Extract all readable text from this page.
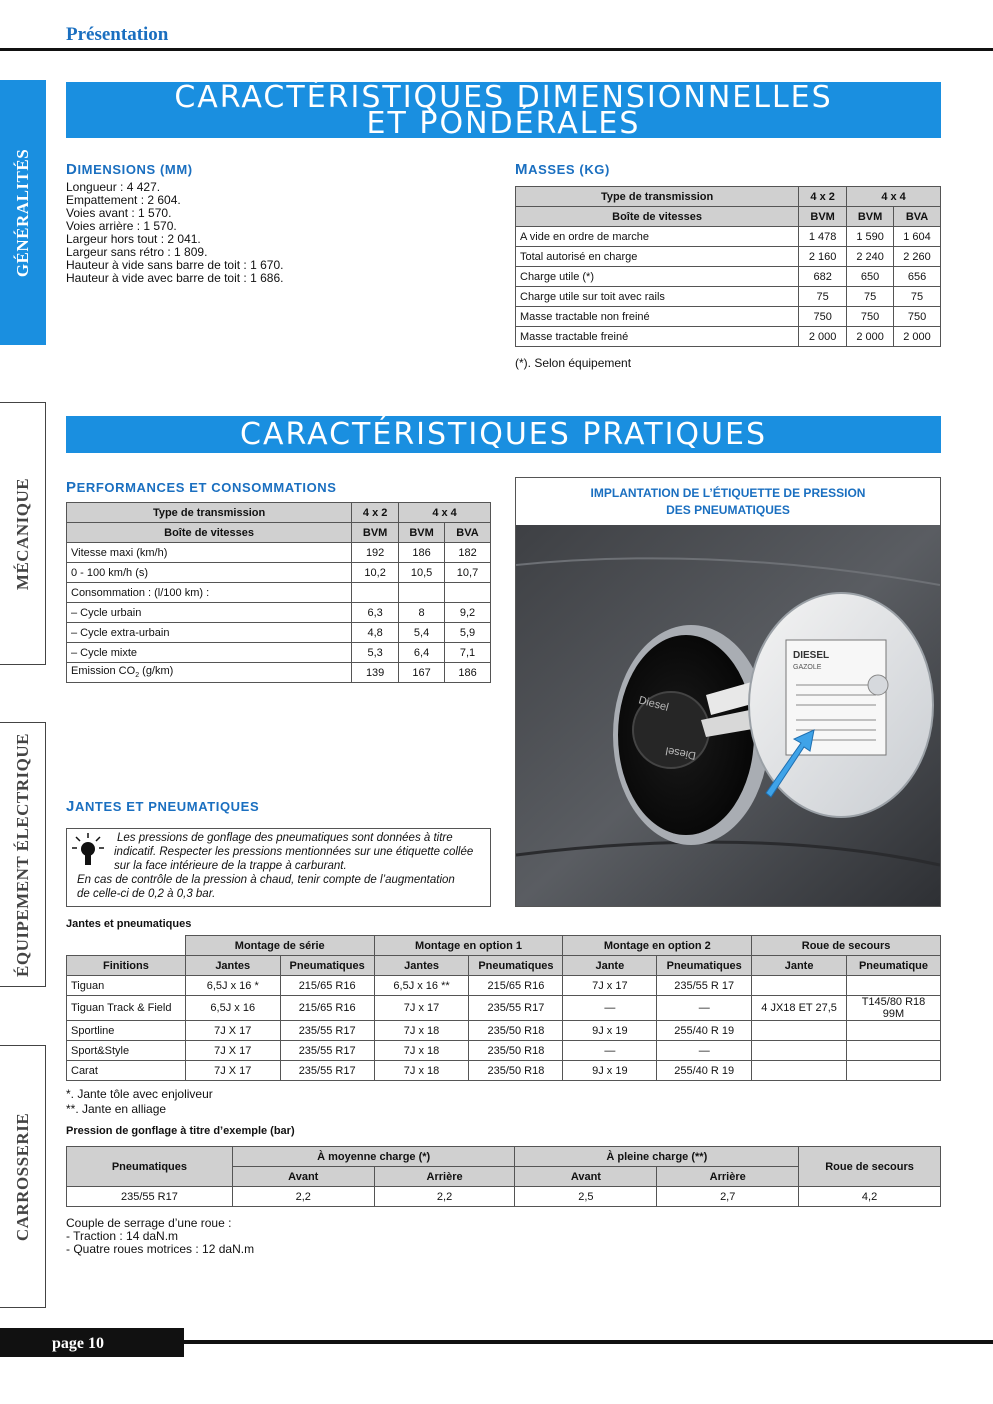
Présentation
GÉNÉRALITÉS
MÉCANIQUE
ÉQUIPEMENT ÉLECTRIQUE
CARROSSERIE
CARACTÉRISTIQUES DIMENSIONNELLES
ET PONDÉRALES
DIMENSIONS (MM)
Longueur : 4 427.
Empattement : 2 604.
Voies avant : 1 570.
Voies arrière : 1 570.
Largeur hors tout : 2 041.
Largeur sans rétro : 1 809.
Hauteur à vide sans barre de toit : 1 670.
Hauteur à vide avec barre de toit : 1 686.
MASSES (KG)
Type de transmission	4 x 2	4 x 4	
Boîte de vitesses	BVM	BVM	BVA
A vide en ordre de marche	1 478	1 590	1 604
Total autorisé en charge	2 160	2 240	2 260
Charge utile (*)	682	650	656
Charge utile sur toit avec rails	75	75	75
Masse tractable non freiné	750	750	750
Masse tractable freiné	2 000	2 000	2 000
(*). Selon équipement
CARACTÉRISTIQUES PRATIQUES
PERFORMANCES ET CONSOMMATIONS
Type de transmission	4 x 2	4 x 4	
Boîte de vitesses	BVM	BVM	BVA
Vitesse maxi (km/h)	192	186	182
0 - 100 km/h (s)	10,2	10,5	10,7
Consommation : (l/100 km) :			
– Cycle urbain	6,3	8	9,2
– Cycle extra-urbain	4,8	5,4	5,9
– Cycle mixte	5,3	6,4	7,1
Emission $CO_2$ (g/km)	139	167	186
IMPLANTATION DE L’ÉTIQUETTE DE PRESSION
DES PNEUMATIQUES
Diesel
Diesel
DIESEL
GAZOLE
JANTES ET PNEUMATIQUES
Les pressions de gonflage des pneumatiques sont données à titre
indicatif. Respecter les pressions mentionnées sur une étiquette collée
sur la face intérieure de la trappe à carburant.
En cas de contrôle de la pression à chaud, tenir compte de l’augmentation
de celle-ci de 0,2 à 0,3 bar.
Jantes et pneumatiques
	Montage de série		Montage en option 1		Montage en option 2		Roue de secours	
Finitions	Jantes	Pneumatiques	Jantes	Pneumatiques	Jante	Pneumatiques	Jante	Pneumatique
Tiguan	6,5J x 16 *	215/65 R16	6,5J x 16 **	215/65 R16	7J x 17	235/55 R 17		
Tiguan Track & Field	6,5J x 16	215/65 R16	7J x 17	235/55 R17	—	—	4 JX18 ET 27,5	T145/80 R18 99M
Sportline	7J X 17	235/55 R17	7J x 18	235/50 R18	9J x 19	255/40 R 19		
Sport&Style	7J X 17	235/55 R17	7J x 18	235/50 R18	—	—		
Carat	7J X 17	235/55 R17	7J x 18	235/50 R18	9J x 19	255/40 R 19		
*. Jante tôle avec enjoliveur
**. Jante en alliage
Pression de gonflage à titre d’exemple (bar)
Pneumatiques	À moyenne charge (*)		À pleine charge (**)		Roue de secours
	Avant	Arrière	Avant	Arrière	
235/55 R17	2,2	2,2	2,5	2,7	4,2
Couple de serrage d’une roue :
- Traction : 14 daN.m
- Quatre roues motrices : 12 daN.m
page 10
